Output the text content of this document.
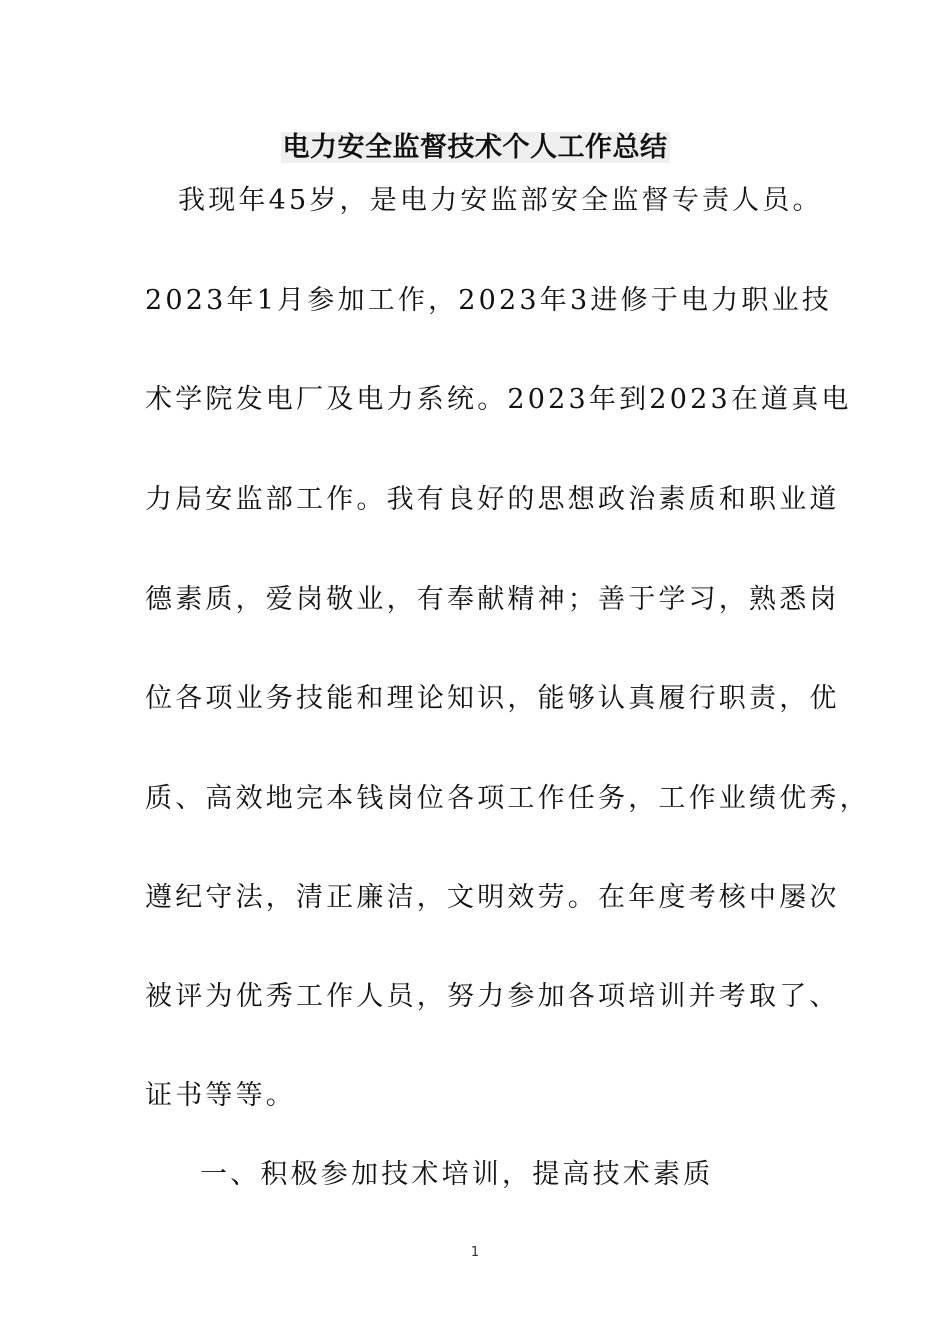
电力安全监督技术个人工作总结
我现年45岁，是电力安监部安全监督专责人员。
2023年1月参加工作，2023年3进修于电力职业技
术学院发电厂及电力系统。2023年到2023在道真电
力局安监部工作。我有良好的思想政治素质和职业道
德素质，爱岗敬业，有奉献精神；善于学习，熟悉岗
位各项业务技能和理论知识，能够认真履行职责，优
质、高效地完本钱岗位各项工作任务，工作业绩优秀，
遵纪守法，清正廉洁，文明效劳。在年度考核中屡次
被评为优秀工作人员，努力参加各项培训并考取了、
证书等等。
一、积极参加技术培训，提高技术素质
1
